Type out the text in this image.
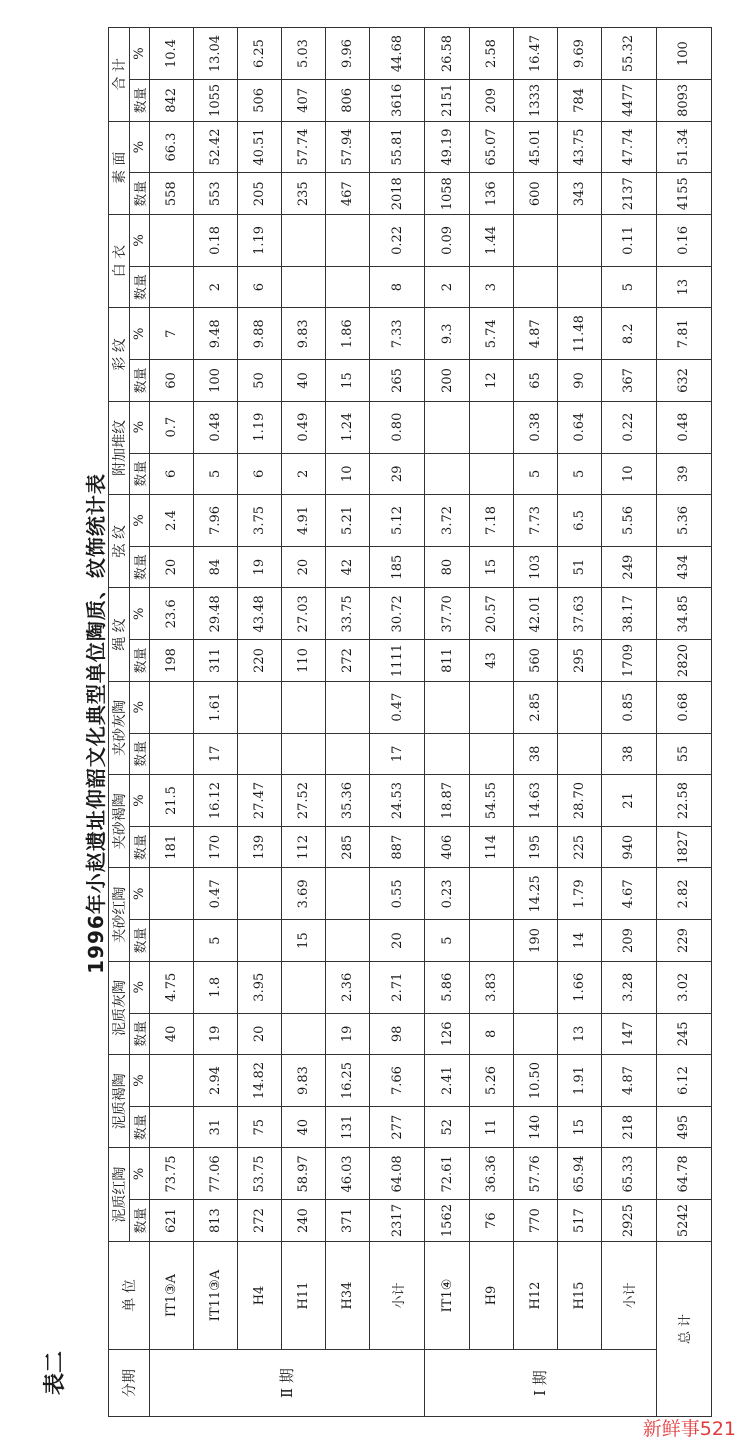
表二
1996年小赵遗址仰韶文化典型单位陶质、纹饰统计表
分期	单 位	泥质红陶		泥质褐陶		泥质灰陶		夹砂红陶		夹砂褐陶		夹砂灰陶		绳 纹		弦 纹		附加堆纹		彩 纹		白 衣		素 面		合 计	
		数量	%	数量	%	数量	%	数量	%	数量	%	数量	%	数量	%	数量	%	数量	%	数量	%	数量	%	数量	%	数量	%
Ⅱ 期	ⅠT1③A	621	73.75			40	4.75			181	21.5			198	23.6	20	2.4	6	0.7	60	7			558	66.3	842	10.4
	ⅠT11③A	813	77.06	31	2.94	19	1.8	5	0.47	170	16.12	17	1.61	311	29.48	84	7.96	5	0.48	100	9.48	2	0.18	553	52.42	1055	13.04
	H4	272	53.75	75	14.82	20	3.95			139	27.47			220	43.48	19	3.75	6	1.19	50	9.88	6	1.19	205	40.51	506	6.25
	H11	240	58.97	40	9.83			15	3.69	112	27.52			110	27.03	20	4.91	2	0.49	40	9.83			235	57.74	407	5.03
	H34	371	46.03	131	16.25	19	2.36			285	35.36			272	33.75	42	5.21	10	1.24	15	1.86			467	57.94	806	9.96
	小计	2317	64.08	277	7.66	98	2.71	20	0.55	887	24.53	17	0.47	1111	30.72	185	5.12	29	0.80	265	7.33	8	0.22	2018	55.81	3616	44.68
Ⅰ 期	ⅠT1④	1562	72.61	52	2.41	126	5.86	5	0.23	406	18.87			811	37.70	80	3.72			200	9.3	2	0.09	1058	49.19	2151	26.58
	H9	76	36.36	11	5.26	8	3.83			114	54.55			43	20.57	15	7.18			12	5.74	3	1.44	136	65.07	209	2.58
	H12	770	57.76	140	10.50			190	14.25	195	14.63	38	2.85	560	42.01	103	7.73	5	0.38	65	4.87			600	45.01	1333	16.47
	H15	517	65.94	15	1.91	13	1.66	14	1.79	225	28.70			295	37.63	51	6.5	5	0.64	90	11.48			343	43.75	784	9.69
	小计	2925	65.33	218	4.87	147	3.28	209	4.67	940	21	38	0.85	1709	38.17	249	5.56	10	0.22	367	8.2	5	0.11	2137	47.74	4477	55.32
总 计		5242	64.78	495	6.12	245	3.02	229	2.82	1827	22.58	55	0.68	2820	34.85	434	5.36	39	0.48	632	7.81	13	0.16	4155	51.34	8093	100
新鲜事521
